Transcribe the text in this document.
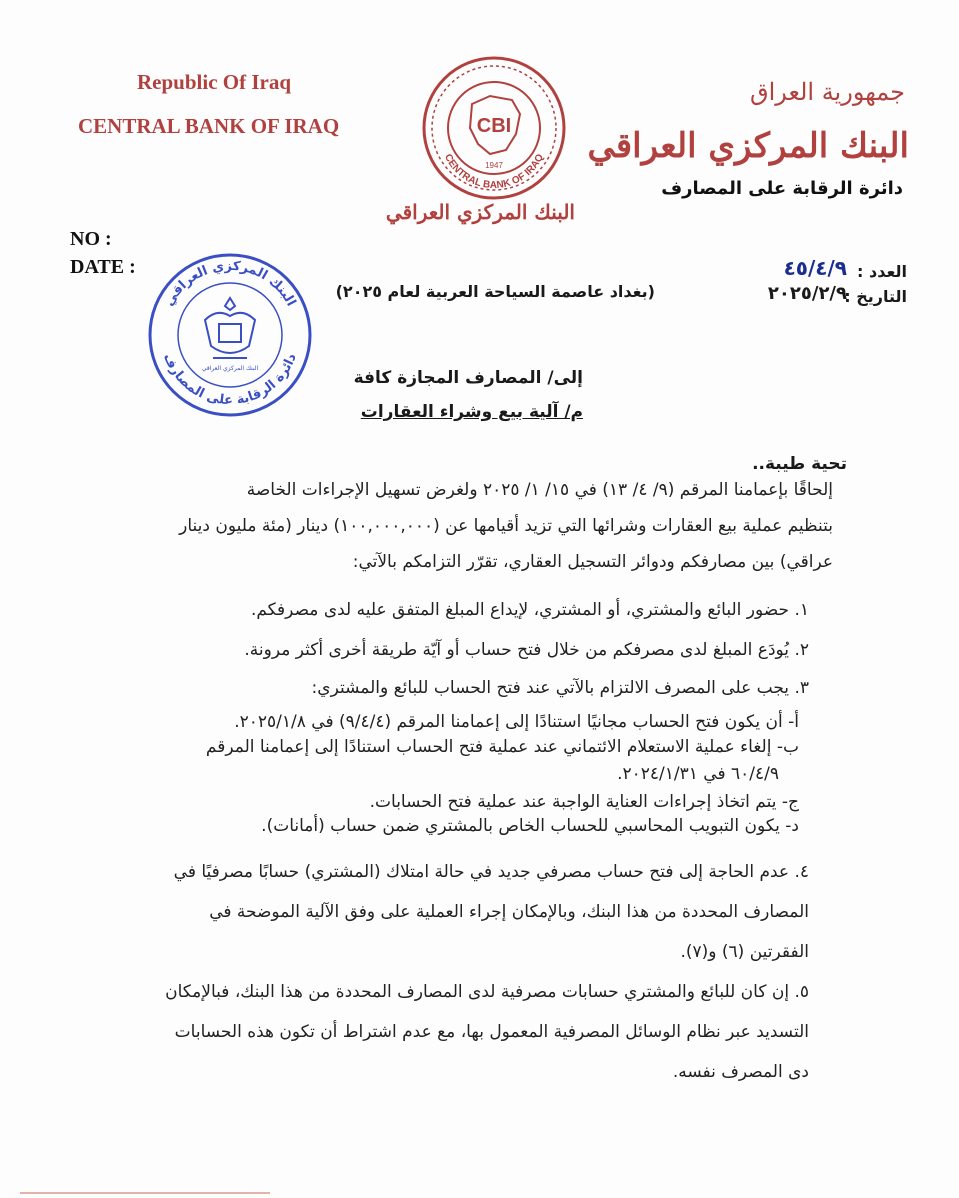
Republic Of Iraq
CENTRAL BANK OF IRAQ	CBI
1947
CENTRAL BANK OF IRAQ
البنك المركزي العراقي
جمهورية العراق
البنك المركزي العراقي
دائرة الرقابة على المصارف
NO :
DATE :	العدد :
٤٥/٤/٩
التاريخ :
٢٠٢٥/٢/٩
(بغداد عاصمة السياحة العربية لعام ٢٠٢٥)
البنك المركزي العراقي
دائرة الرقابة على المصارف
البنك المركزي العراقي	إلى/ المصارف المجازة كافة
م/ آلية بيع وشراء العقارات
تحية طيبة..
إلحاقًا بإعمامنا المرقم (٩/ ٤/ ١٣) في ١٥/ ١/ ٢٠٢٥ ولغرض تسهيل الإجراءات الخاصة
بتنظيم عملية بيع العقارات وشرائها التي تزيد أقيامها عن (١٠٠,٠٠٠,٠٠٠) دينار (مئة مليون دينار
عراقي) بين مصارفكم ودوائر التسجيل العقاري، تقرّر التزامكم بالآتي:
١. حضور البائع والمشتري، أو المشتري، لإيداع المبلغ المتفق عليه لدى مصرفكم.
٢. يُودَع المبلغ لدى مصرفكم من خلال فتح حساب أو آيّة طريقة أخرى أكثر مرونة.
٣. يجب على المصرف الالتزام بالآتي عند فتح الحساب للبائع والمشتري:
أ- أن يكون فتح الحساب مجانيًا استنادًا إلى إعمامنا المرقم (٩/٤/٤) في ٢٠٢٥/١/٨.
ب- إلغاء عملية الاستعلام الائتماني عند عملية فتح الحساب استنادًا إلى إعمامنا المرقم
٦٠/٤/٩ في ٢٠٢٤/١/٣١.
ج- يتم اتخاذ إجراءات العناية الواجبة عند عملية فتح الحسابات.
د- يكون التبويب المحاسبي للحساب الخاص بالمشتري ضمن حساب (أمانات).
٤. عدم الحاجة إلى فتح حساب مصرفي جديد في حالة امتلاك (المشتري) حسابًا مصرفيًا في
المصارف المحددة من هذا البنك، وبالإمكان إجراء العملية على وفق الآلية الموضحة في
الفقرتين (٦) و(٧).
٥. إن كان للبائع والمشتري حسابات مصرفية لدى المصارف المحددة من هذا البنك، فبالإمكان
التسديد عبر نظام الوسائل المصرفية المعمول بها، مع عدم اشتراط أن تكون هذه الحسابات
دى المصرف نفسه.
